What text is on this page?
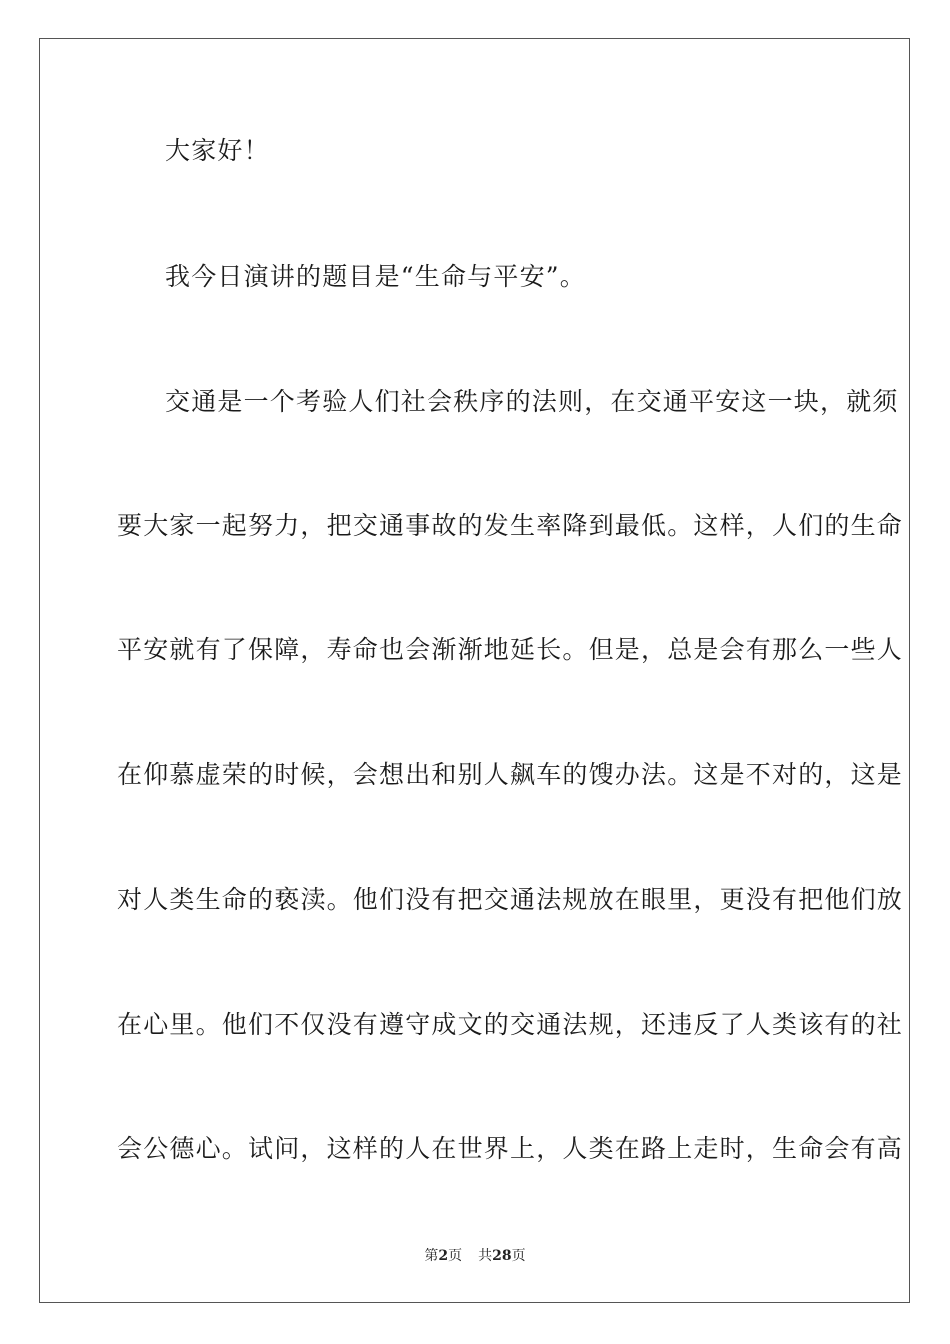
大家好！
我今日演讲的题目是“生命与平安”。
交通是一个考验人们社会秩序的法则，在交通平安这一块，就须
要大家一起努力，把交通事故的发生率降到最低。这样，人们的生命
平安就有了保障，寿命也会渐渐地延长。但是，总是会有那么一些人
在仰慕虚荣的时候，会想出和别人飙车的馊办法。这是不对的，这是
对人类生命的亵渎。他们没有把交通法规放在眼里，更没有把他们放
在心里。他们不仅没有遵守成文的交通法规，还违反了人类该有的社
会公德心。试问，这样的人在世界上，人类在路上走时，生命会有高
第2页 共28页
